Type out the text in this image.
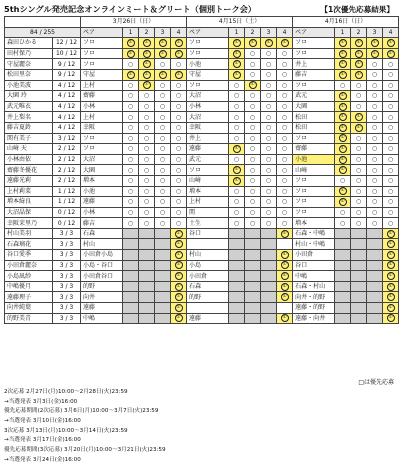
5thシングル発売記念オンラインミート＆グリート（個別トーク会）	【1次優先応募結果】
		3月26日（日）					4月15日（土）					4月16日（日）				
84 / 255		ペア	1	2	3	4	ペア	1	2	3	4	ペア	1	2	3	4
森田ひかる	12 / 12	ソロ	①	①	①	①	ソロ	①	①	①	①	ソロ	①	①	①	①
田村保乃	10 / 12	ソロ	①	①	①	①	ソロ	①	○	○	○	ソロ	①	①	①	①
守屋麗奈	9 / 12	ソロ	○	①	○	○	小池	①	○	○	○	井上	①	①	○	○
松田里奈	9 / 12	守屋	①	①	①	①	守屋	①	○	○	○	藤吉	①	①	○	○
小池美波	4 / 12	上村	○	①	○	○	ソロ	○	①	○	○	ソロ	○	○	○	○
大園 玲	4 / 12	齋藤	○	○	○	○	大沼	○	○	○	○	武元	①	○	○	○
武元唯衣	4 / 12	小林	○	○	○	○	小林	○	○	○	○	大園	①	○	○	○
井上梨名	4 / 12	上村	○	○	○	○	大沼	○	○	○	○	松田	①	①	○	○
藤吉夏鈴	4 / 12	幸阪	○	○	○	○	幸阪	○	○	○	○	松田	①	①	○	○
関有美子	3 / 12	ソロ	○	○	○	○	井上	○	○	○	○	ソロ	①	○	○	○
山﨑 天	2 / 12	ソロ	○	○	○	○	遠藤	①	○	○	○	齋藤	①	○	○	○
小林由依	2 / 12	大沼	○	○	○	○	武元	○	○	○	○	小池	①	○	○	○
齋藤冬優花	2 / 12	大園	○	○	○	○	ソロ	①	○	○	○	山﨑	①	○	○	○
遠藤光莉	2 / 12	増本	○	○	○	○	山﨑	①	○	○	○	ソロ	○	○	○	○
上村莉菜	1 / 12	小池	○	○	○	○	増本	○	○	○	○	ソロ	①	○	○	○
増本綺良	1 / 12	遠藤	○	○	○	○	上村	○	○	○	○	ソロ	①	○	○	○
大沼晶保	0 / 12	小林	○	○	○	○	関	○	○	○	○	ソロ	○	○	○	○
幸阪茉里乃	0 / 12	藤吉	○	○	○	○	土生	○	○	○	○	増本	○	○	○	○
村山美羽	3 / 3	石森				①	谷口				①	石森・中嶋				①
石森璃花	3 / 3	村山				①						村山・中嶋				①
谷口愛季	3 / 3	小田倉小島				①	村山				①	小田倉				①
小田倉麗奈	3 / 3	小島・谷口				①	小島				①	谷口				①
小島凪紗	3 / 3	小田倉谷口				①	小田倉				①	中嶋				①
中嶋優月	3 / 3	的野				①	石森				①	石森・村山				①
遠藤理子	3 / 3	向井				①	的野				①	向井・的野				①
向井純葉	3 / 3	遠藤				①						遠藤・的野				①
的野美青	3 / 3	中嶋				①	遠藤				①	遠藤・向井				①
□は優先応募
2次応募 2月27日(月)10:00〜2月28日(火)23:59
→当選発表 3月3日(金)16:00
優先応募期間(2次応募) 3月6日(月)10:00〜3月7日(火)23:59
→当選発表 3月10日(金)16:00
3次応募 3月13日(月)10:00〜3月14日(火)23:59
→当選発表 3月17日(金)16:00
優先応募期間(3次応募) 3月20日(月)10:00〜3月21日(火)23:59
→当選発表 3月24日(金)16:00
